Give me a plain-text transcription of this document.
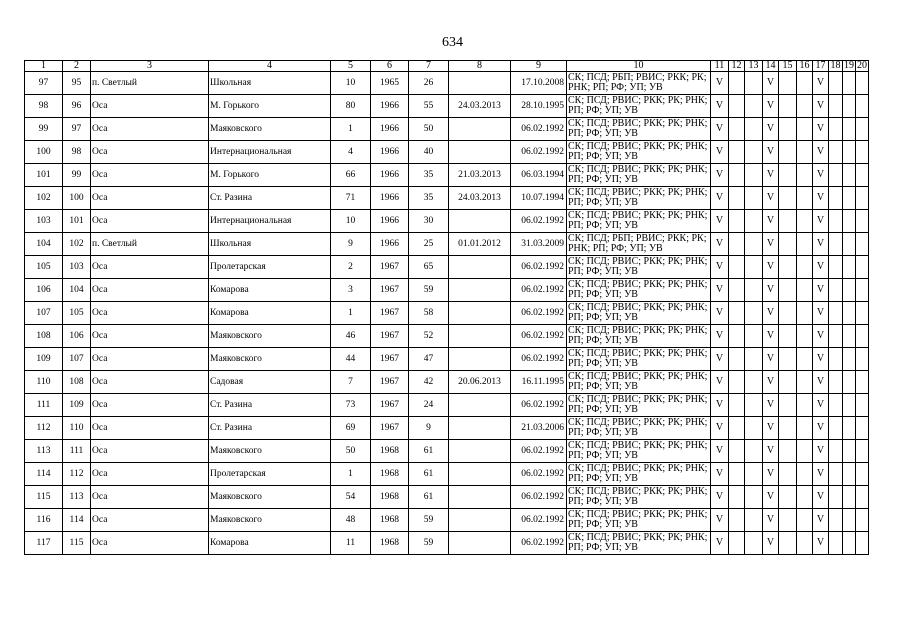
634
1	2	3	4	5	6	7	8	9	10	11	12	13	14	15	16	17	18	19	20
97	95	п. Светлый	Школьная	10	1965	26		17.10.2008	СК; ПСД; РБП; РВИС; РКК; РК; РНК; РП; РФ; УП; УВ	V			V			V			
98	96	Оса	М. Горького	80	1966	55	24.03.2013	28.10.1995	СК; ПСД; РВИС; РКК; РК; РНК; РП; РФ; УП; УВ	V			V			V			
99	97	Оса	Маяковского	1	1966	50		06.02.1992	СК; ПСД; РВИС; РКК; РК; РНК; РП; РФ; УП; УВ	V			V			V			
100	98	Оса	Интернациональная	4	1966	40		06.02.1992	СК; ПСД; РВИС; РКК; РК; РНК; РП; РФ; УП; УВ	V			V			V			
101	99	Оса	М. Горького	66	1966	35	21.03.2013	06.03.1994	СК; ПСД; РВИС; РКК; РК; РНК; РП; РФ; УП; УВ	V			V			V			
102	100	Оса	Ст. Разина	71	1966	35	24.03.2013	10.07.1994	СК; ПСД; РВИС; РКК; РК; РНК; РП; РФ; УП; УВ	V			V			V			
103	101	Оса	Интернациональная	10	1966	30		06.02.1992	СК; ПСД; РВИС; РКК; РК; РНК; РП; РФ; УП; УВ	V			V			V			
104	102	п. Светлый	Школьная	9	1966	25	01.01.2012	31.03.2009	СК; ПСД; РБП; РВИС; РКК; РК; РНК; РП; РФ; УП; УВ	V			V			V			
105	103	Оса	Пролетарская	2	1967	65		06.02.1992	СК; ПСД; РВИС; РКК; РК; РНК; РП; РФ; УП; УВ	V			V			V			
106	104	Оса	Комарова	3	1967	59		06.02.1992	СК; ПСД; РВИС; РКК; РК; РНК; РП; РФ; УП; УВ	V			V			V			
107	105	Оса	Комарова	1	1967	58		06.02.1992	СК; ПСД; РВИС; РКК; РК; РНК; РП; РФ; УП; УВ	V			V			V			
108	106	Оса	Маяковского	46	1967	52		06.02.1992	СК; ПСД; РВИС; РКК; РК; РНК; РП; РФ; УП; УВ	V			V			V			
109	107	Оса	Маяковского	44	1967	47		06.02.1992	СК; ПСД; РВИС; РКК; РК; РНК; РП; РФ; УП; УВ	V			V			V			
110	108	Оса	Садовая	7	1967	42	20.06.2013	16.11.1995	СК; ПСД; РВИС; РКК; РК; РНК; РП; РФ; УП; УВ	V			V			V			
111	109	Оса	Ст. Разина	73	1967	24		06.02.1992	СК; ПСД; РВИС; РКК; РК; РНК; РП; РФ; УП; УВ	V			V			V			
112	110	Оса	Ст. Разина	69	1967	9		21.03.2006	СК; ПСД; РВИС; РКК; РК; РНК; РП; РФ; УП; УВ	V			V			V			
113	111	Оса	Маяковского	50	1968	61		06.02.1992	СК; ПСД; РВИС; РКК; РК; РНК; РП; РФ; УП; УВ	V			V			V			
114	112	Оса	Пролетарская	1	1968	61		06.02.1992	СК; ПСД; РВИС; РКК; РК; РНК; РП; РФ; УП; УВ	V			V			V			
115	113	Оса	Маяковского	54	1968	61		06.02.1992	СК; ПСД; РВИС; РКК; РК; РНК; РП; РФ; УП; УВ	V			V			V			
116	114	Оса	Маяковского	48	1968	59		06.02.1992	СК; ПСД; РВИС; РКК; РК; РНК; РП; РФ; УП; УВ	V			V			V			
117	115	Оса	Комарова	11	1968	59		06.02.1992	СК; ПСД; РВИС; РКК; РК; РНК; РП; РФ; УП; УВ	V			V			V			
